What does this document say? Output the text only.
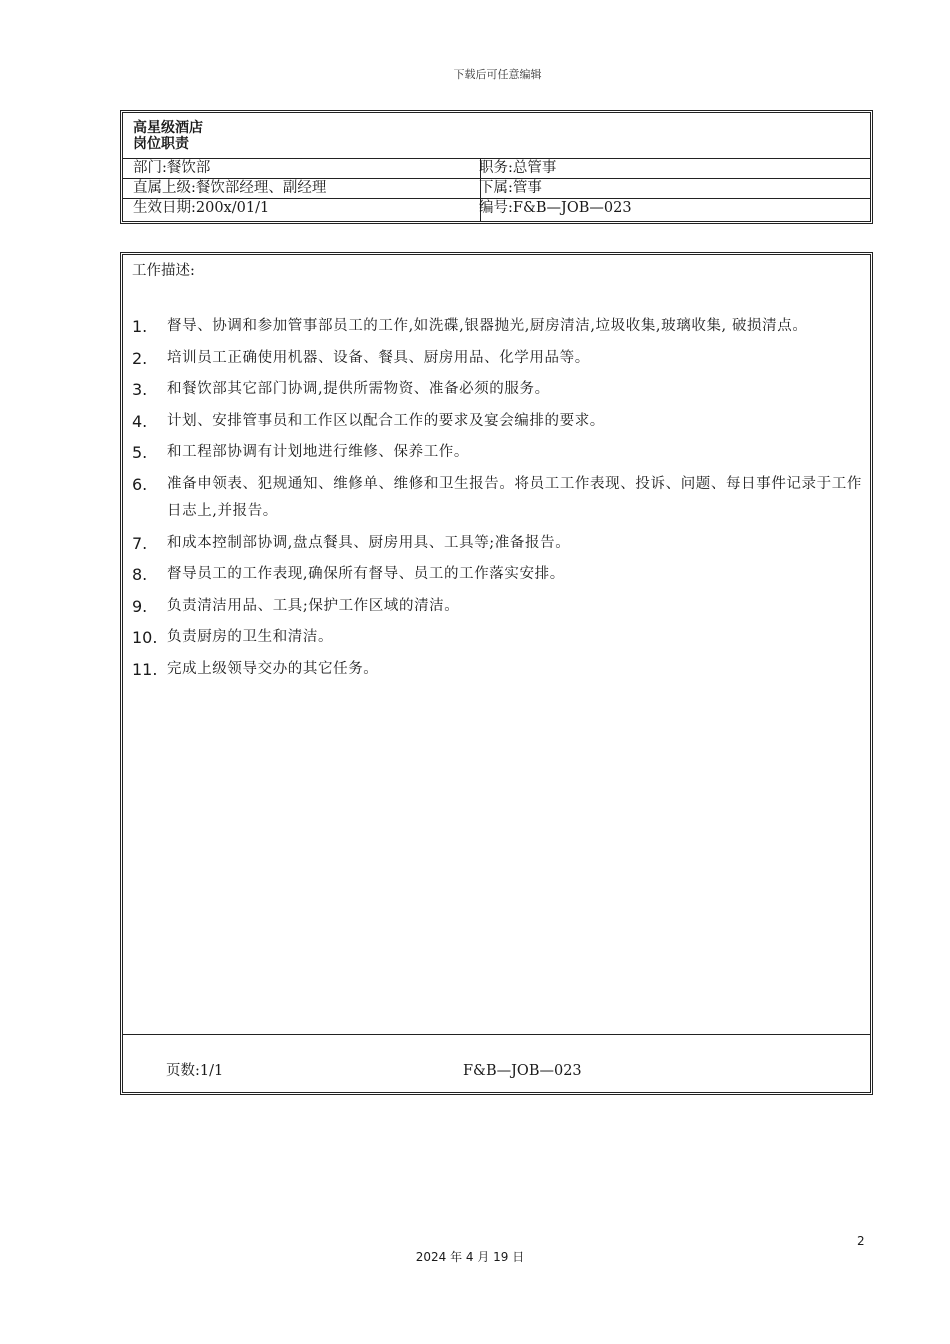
下载后可任意编辑
高星级酒店
岗位职责
部门:餐饮部	职务:总管事
直属上级:餐饮部经理、副经理	下属:管事
生效日期:200x/01/1	编号:F&B—JOB—023
工作描述:
1. 督导、协调和参加管事部员工的工作,如洗碟,银器抛光,厨房清洁,垃圾收集,玻璃收集, 破损清点。
2. 培训员工正确使用机器、设备、餐具、厨房用品、化学用品等。
3. 和餐饮部其它部门协调,提供所需物资、准备必须的服务。
4. 计划、安排管事员和工作区以配合工作的要求及宴会编排的要求。
5. 和工程部协调有计划地进行维修、保养工作。
6. 准备申领表、犯规通知、维修单、维修和卫生报告。将员工工作表现、投诉、问题、每日事件记录于工作日志上,并报告。
7. 和成本控制部协调,盘点餐具、厨房用具、工具等;准备报告。
8. 督导员工的工作表现,确保所有督导、员工的工作落实安排。
9. 负责清洁用品、工具;保护工作区域的清洁。
10. 负责厨房的卫生和清洁。
11. 完成上级领导交办的其它任务。
页数:1/1	F&B—JOB—023
2
2024 年 4 月 19 日
